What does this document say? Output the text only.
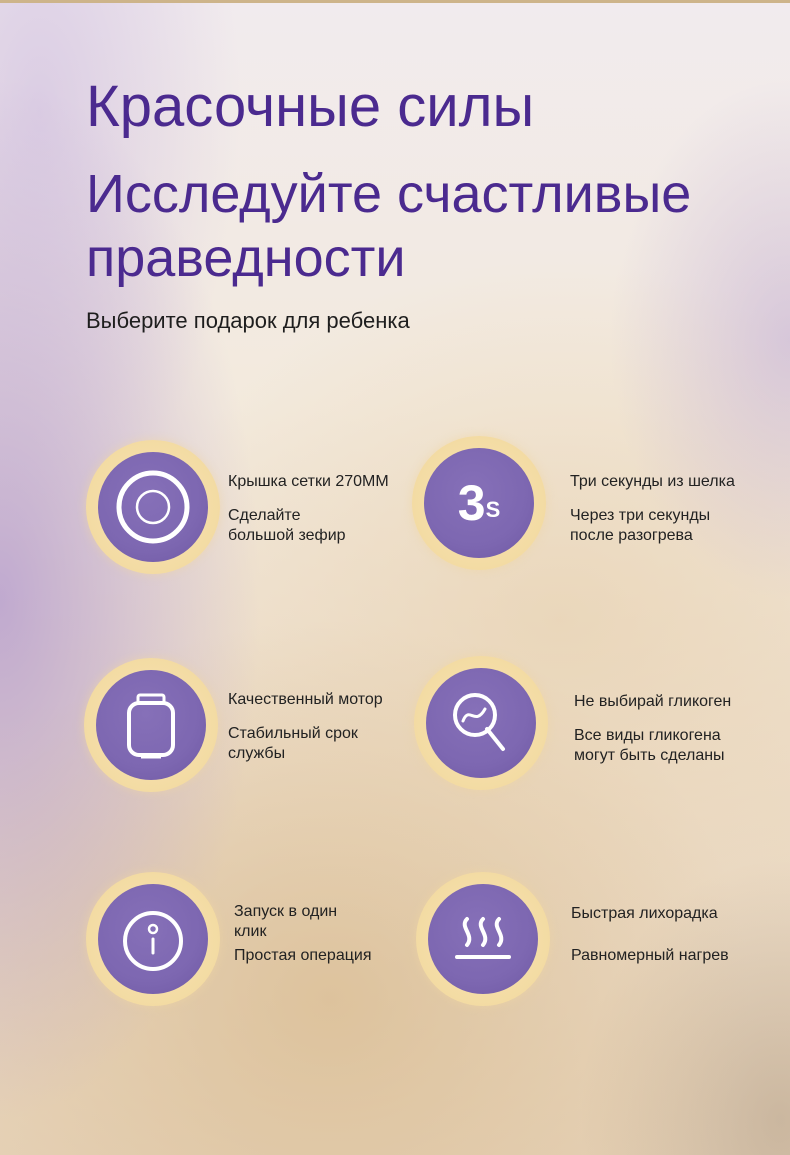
Красочные силы
Исследуйте счастливые праведности
Выберите подарок для ребенка
Крышка сетки 270MM
Сделайте большой зефир
3 S
Три секунды из шелка
Через три секунды после разогрева
Качественный мотор
Стабильный срок службы
Не выбирай гликоген
Все виды гликогена могут быть сделаны
Запуск в один клик
Простая операция
Быстрая лихорадка
Равномерный нагрев
